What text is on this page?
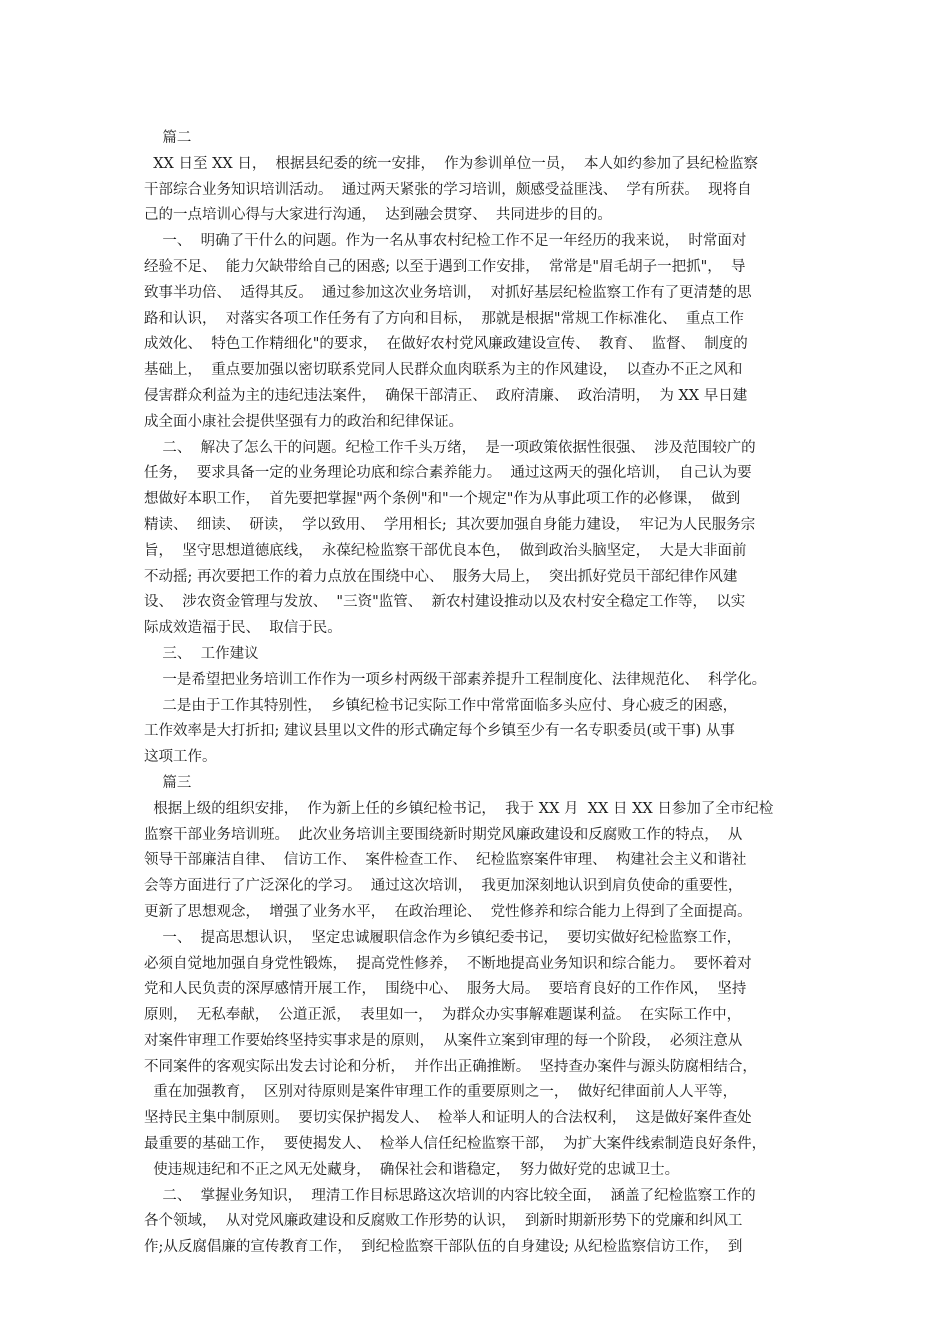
篇二
XX 日至 XX 日，  根据县纪委的统一安排，  作为参训单位一员，  本人如约参加了县纪检监察
干部综合业务知识培训活动。  通过两天紧张的学习培训，颇感受益匪浅、  学有所获。  现将自
己的一点培训心得与大家进行沟通，  达到融会贯穿、  共同进步的目的。
一、  明确了干什么的问题。作为一名从事农村纪检工作不足一年经历的我来说，  时常面对
经验不足、  能力欠缺带给自己的困惑; 以至于遇到工作安排，  常常是"眉毛胡子一把抓"，  导
致事半功倍、  适得其反。  通过参加这次业务培训，  对抓好基层纪检监察工作有了更清楚的思
路和认识，  对落实各项工作任务有了方向和目标，  那就是根据"常规工作标准化、  重点工作
成效化、  特色工作精细化"的要求，  在做好农村党风廉政建设宣传、  教育、  监督、  制度的
基础上，  重点要加强以密切联系党同人民群众血肉联系为主的作风建设，  以查办不正之风和
侵害群众利益为主的违纪违法案件，  确保干部清正、  政府清廉、  政治清明，  为 XX 早日建
成全面小康社会提供坚强有力的政治和纪律保证。
二、  解决了怎么干的问题。纪检工作千头万绪，  是一项政策依据性很强、  涉及范围较广的
任务，  要求具备一定的业务理论功底和综合素养能力。  通过这两天的强化培训，  自己认为要
想做好本职工作，  首先要把掌握"两个条例"和"一个规定"作为从事此项工作的必修课，  做到
精读、  细读、  研读，  学以致用、  学用相长;  其次要加强自身能力建设，  牢记为人民服务宗
旨，  坚守思想道德底线，  永葆纪检监察干部优良本色，  做到政治头脑坚定，  大是大非面前
不动摇; 再次要把工作的着力点放在围绕中心、  服务大局上，  突出抓好党员干部纪律作风建
设、  涉农资金管理与发放、  "三资"监管、  新农村建设推动以及农村安全稳定工作等，  以实
际成效造福于民、  取信于民。
三、  工作建议
一是希望把业务培训工作作为一项乡村两级干部素养提升工程制度化、法律规范化、  科学化。
二是由于工作其特别性，  乡镇纪检书记实际工作中常常面临多头应付、身心疲乏的困惑，
工作效率是大打折扣; 建议县里以文件的形式确定每个乡镇至少有一名专职委员(或干事) 从事
这项工作。
篇三
根据上级的组织安排，  作为新上任的乡镇纪检书记，  我于 XX 月  XX 日 XX 日参加了全市纪检
监察干部业务培训班。  此次业务培训主要围绕新时期党风廉政建设和反腐败工作的特点，  从
领导干部廉洁自律、  信访工作、  案件检查工作、  纪检监察案件审理、  构建社会主义和谐社
会等方面进行了广泛深化的学习。  通过这次培训，  我更加深刻地认识到肩负使命的重要性，
更新了思想观念，  增强了业务水平，  在政治理论、  党性修养和综合能力上得到了全面提高。
一、  提高思想认识，  坚定忠诚履职信念作为乡镇纪委书记，  要切实做好纪检监察工作，
必须自觉地加强自身党性锻炼，  提高党性修养，  不断地提高业务知识和综合能力。  要怀着对
党和人民负责的深厚感情开展工作，  围绕中心、  服务大局。  要培育良好的工作作风，  坚持
原则，  无私奉献，  公道正派，  表里如一，  为群众办实事解难题谋利益。  在实际工作中，
对案件审理工作要始终坚持实事求是的原则，  从案件立案到审理的每一个阶段，  必须注意从
不同案件的客观实际出发去讨论和分析，  并作出正确推断。  坚持查办案件与源头防腐相结合，
重在加强教育，  区别对待原则是案件审理工作的重要原则之一，  做好纪律面前人人平等，
坚持民主集中制原则。  要切实保护揭发人、  检举人和证明人的合法权利，  这是做好案件查处
最重要的基础工作，  要使揭发人、  检举人信任纪检监察干部，  为扩大案件线索制造良好条件，
使违规违纪和不正之风无处藏身，  确保社会和谐稳定，  努力做好党的忠诚卫士。
二、  掌握业务知识，  理清工作目标思路这次培训的内容比较全面，  涵盖了纪检监察工作的
各个领域，  从对党风廉政建设和反腐败工作形势的认识，  到新时期新形势下的党廉和纠风工
作;从反腐倡廉的宣传教育工作，  到纪检监察干部队伍的自身建设; 从纪检监察信访工作，  到
